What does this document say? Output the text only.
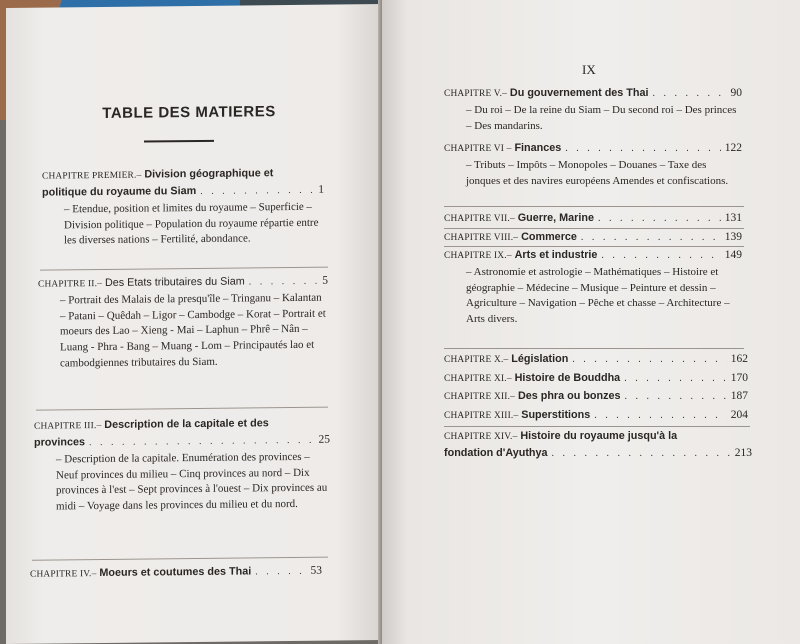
TABLE DES MATIERES
CHAPITRE PREMIER.–
Division géographique et
politique du royaume du Siam . . .	1
– Etendue, position et limites du royaume – Superficie – Division politique – Population du royaume répartie entre les diverses nations – Fertilité, abondance.
CHAPITRE II.–
Des Etats tributaires du Siam . . .	5
– Portrait des Malais de la presqu'île – Tringanu – Kalantan – Patani – Quêdah – Ligor – Cambodge – Korat – Portrait et moeurs des Lao – Xieng - Mai – Laphun – Phrê – Nân – Luang - Phra - Bang – Muang - Lom – Principautés lao et cambodgiennes tributaires du Siam.
CHAPITRE III.–
Description de la capitale et des
provinces . . .	25
– Description de la capitale. Enumération des provinces – Neuf provinces du milieu – Cinq provinces au nord – Dix provinces à l'est – Sept provinces à l'ouest – Dix provinces au midi – Voyage dans les provinces du milieu et du nord.
CHAPITRE IV.–
Moeurs et coutumes des Thai . . .	53
IX
CHAPITRE V.–
Du gouvernement des Thai . . .	90
– Du roi – De la reine du Siam – Du second roi – Des princes – Des mandarins.
CHAPITRE VI –
Finances . . .	122
– Tributs – Impôts – Monopoles – Douanes – Taxe des jonques et des navires européens Amendes et confiscations.
CHAPITRE VII.–
Guerre, Marine . . .	131
CHAPITRE VIII.–
Commerce . . .	139
CHAPITRE IX.–
Arts et industrie . . .	149
– Astronomie et astrologie – Mathématiques – Histoire et géographie – Médecine – Musique – Peinture et dessin – Agriculture – Navigation – Pêche et chasse – Architecture – Arts divers.
CHAPITRE X.–
Législation . . .	162
CHAPITRE XI.–
Histoire de Bouddha . . .	170
CHAPITRE XII.–
Des phra ou bonzes . . .	187
CHAPITRE XIII.–
Superstitions . . .	204
CHAPITRE XIV.–
Histoire du royaume jusqu'à la
fondation d'Ayuthya . . .	213
